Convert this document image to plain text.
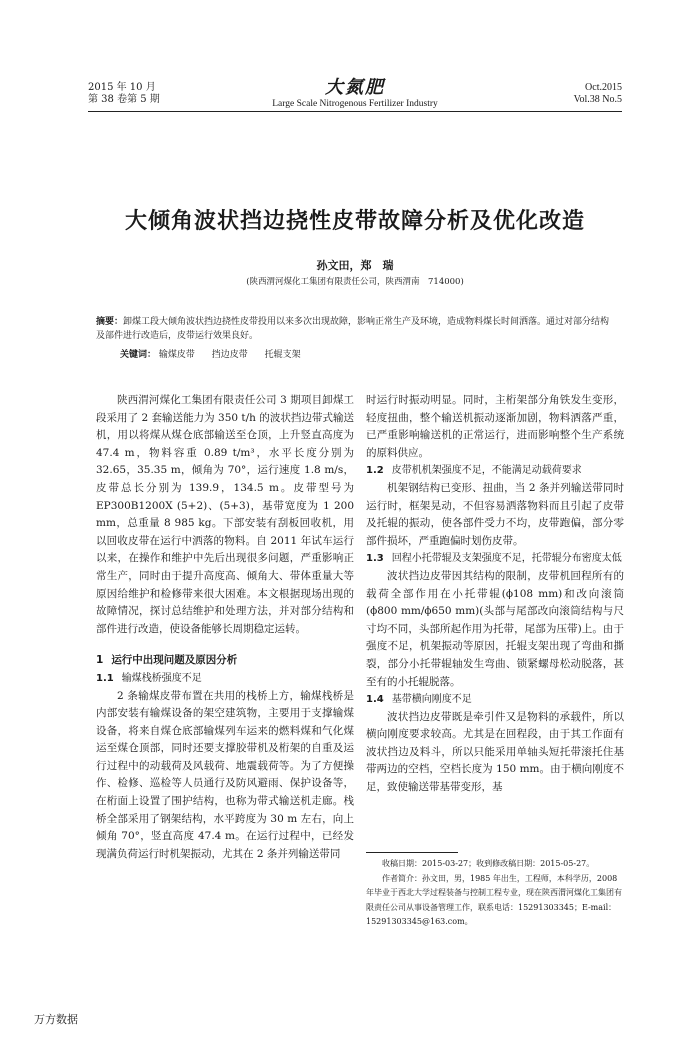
2015 年 10 月
第 38 卷第 5 期
大氮肥
Large Scale Nitrogenous Fertilizer Industry
Oct.2015
Vol.38 No.5
大倾角波状挡边挠性皮带故障分析及优化改造
孙文田，郑　瑞
(陕西渭河煤化工集团有限责任公司，陕西渭南　714000)
摘要：卸煤工段大倾角波状挡边挠性皮带投用以来多次出现故障，影响正常生产及环境，造成物料煤长时间洒落。通过对部分结构及部件进行改造后，皮带运行效果良好。
关键词： 输煤皮带 挡边皮带 托辊支架

陕西渭河煤化工集团有限责任公司 3 期项目卸煤工段采用了 2 套输送能力为 350 t/h 的波状挡边带式输送机，用以将煤从煤仓底部输送至仓顶，上升竖直高度为 47.4 m，物料容重 0.89 t/m³，水平长度分别为 32.65，35.35 m，倾角为 70°，运行速度 1.8 m/s，皮带总长分别为 139.9，134.5 m。皮带型号为 EP300B1200X (5+2)、(5+3)，基带宽度为 1 200 mm，总重量 8 985 kg。下部安装有刮板回收机，用以回收皮带在运行中洒落的物料。自 2011 年试车运行以来，在操作和维护中先后出现很多问题，严重影响正常生产，同时由于提升高度高、倾角大、带体重量大等原因给维护和检修带来很大困难。本文根据现场出现的故障情况，探讨总结维护和处理方法，并对部分结构和部件进行改造，使设备能够长周期稳定运转。

1 运行中出现问题及原因分析
1.1 输煤栈桥强度不足

2 条输煤皮带布置在共用的栈桥上方，输煤栈桥是内部安装有输煤设备的架空建筑物，主要用于支撑输煤设备，将来自煤仓底部输煤列车运来的燃料煤和气化煤运至煤仓顶部，同时还要支撑胶带机及桁架的自重及运行过程中的动载荷及风载荷、地震载荷等。为了方便操作、检修、巡检等人员通行及防风避雨、保护设备等，在桁面上设置了围护结构，也称为带式输送机走廊。栈桥全部采用了钢架结构，水平跨度为 30 m 左右，向上倾角 70°，竖直高度 47.4 m。在运行过程中，已经发现满负荷运行时机架振动，尤其在 2 条并列输送带同

时运行时振动明显。同时，主桁架部分角铁发生变形，轻度扭曲，整个输送机振动逐渐加剧，物料洒落严重，已严重影响输送机的正常运行，进而影响整个生产系统的原料供应。

1.2 皮带机机架强度不足，不能满足动载荷要求

机架钢结构已变形、扭曲，当 2 条并列输送带同时运行时，框架晃动，不但容易洒落物料而且引起了皮带及托辊的振动，使各部件受力不均，皮带跑偏，部分零部件损坏，严重跑偏时划伤皮带。

1.3 回程小托带辊及支架强度不足，托带辊分布密度太低

波状挡边皮带因其结构的限制，皮带机回程所有的载荷全部作用在小托带辊(ϕ108 mm)和改向滚筒 (ϕ800 mm/ϕ650 mm)(头部与尾部改向滚筒结构与尺寸均不同，头部所起作用为托带，尾部为压带)上。由于强度不足，机架振动等原因，托辊支架出现了弯曲和撕裂，部分小托带辊轴发生弯曲、锁紧螺母松动脱落，甚至有的小托辊脱落。

1.4 基带横向刚度不足

波状挡边皮带既是牵引件又是物料的承载件，所以横向刚度要求较高。尤其是在回程段，由于其工作面有波状挡边及料斗，所以只能采用单轴头短托带滚托住基带两边的空档，空档长度为 150 mm。由于横向刚度不足，致使输送带基带变形，基

收稿日期：2015-03-27；收到修改稿日期：2015-05-27。

作者简介：孙文田，男，1985 年出生，工程师，本科学历，2008 年毕业于西北大学过程装备与控制工程专业，现在陕西渭河煤化工集团有限责任公司从事设备管理工作，联系电话：15291303345；E-mail：15291303345@163.com。

万方数据
